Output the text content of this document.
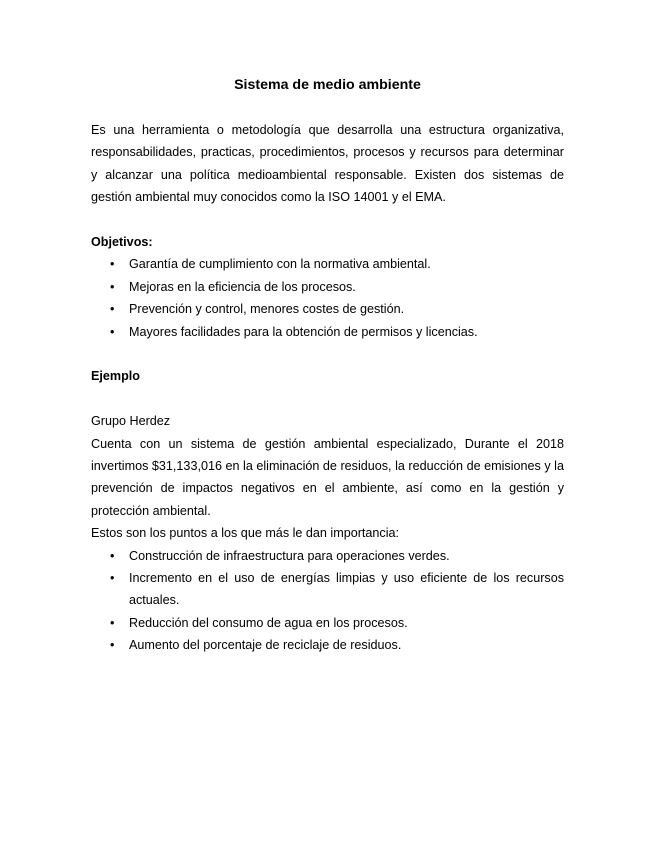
Sistema de medio ambiente

Es una herramienta o metodología que desarrolla una estructura organizativa, responsabilidades, practicas, procedimientos, procesos y recursos para determinar y alcanzar una política medioambiental responsable. Existen dos sistemas de gestión ambiental muy conocidos como la ISO 14001 y el EMA.

Objetivos:

• Garantía de cumplimiento con la normativa ambiental.
• Mejoras en la eficiencia de los procesos.
• Prevención y control, menores costes de gestión.
• Mayores facilidades para la obtención de permisos y licencias.

Ejemplo

Grupo Herdez

Cuenta con un sistema de gestión ambiental especializado, Durante el 2018 invertimos $31,133,016 en la eliminación de residuos, la reducción de emisiones y la prevención de impactos negativos en el ambiente, así como en la gestión y protección ambiental.

Estos son los puntos a los que más le dan importancia:

• Construcción de infraestructura para operaciones verdes.
• Incremento en el uso de energías limpias y uso eficiente de los recursos actuales.
• Reducción del consumo de agua en los procesos.
• Aumento del porcentaje de reciclaje de residuos.
